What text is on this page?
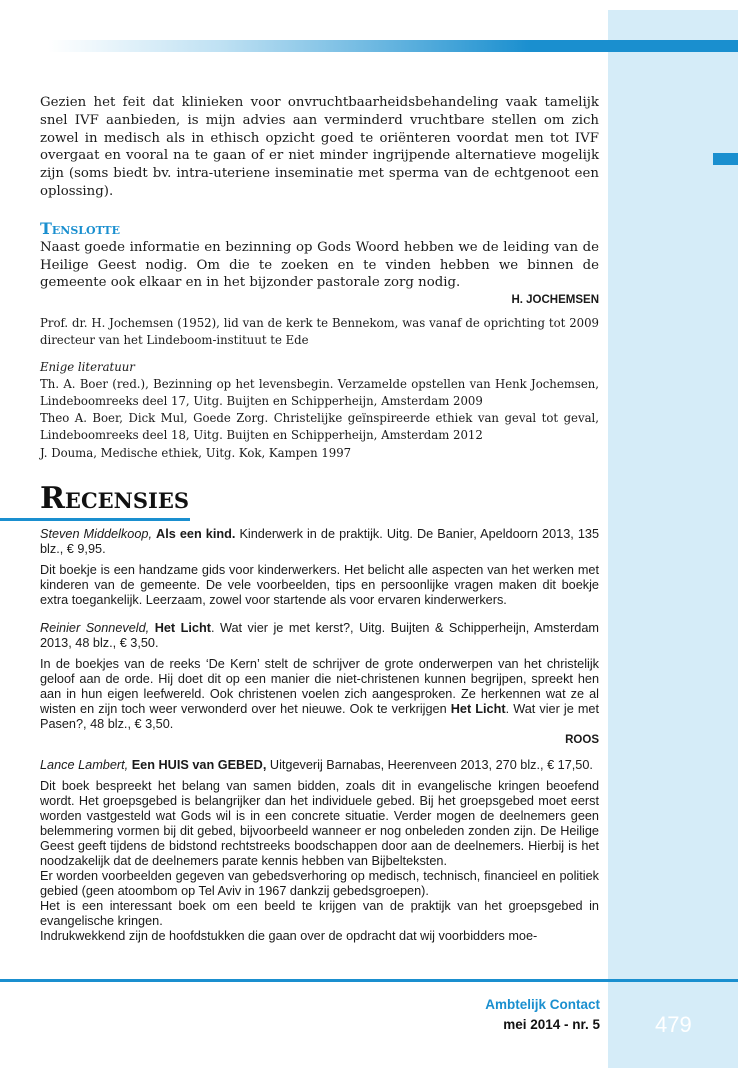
Gezien het feit dat klinieken voor onvruchtbaarheidsbehandeling vaak tamelijk snel IVF aanbieden, is mijn advies aan verminderd vruchtbare stellen om zich zowel in medisch als in ethisch opzicht goed te oriënteren voordat men tot IVF overgaat en vooral na te gaan of er niet minder ingrijpende alternatieve mogelijk zijn (soms biedt bv. intra-uteriene inseminatie met sperma van de echtgenoot een oplossing).

Tenslotte

Naast goede informatie en bezinning op Gods Woord hebben we de leiding van de Heilige Geest nodig. Om die te zoeken en te vinden hebben we binnen de gemeente ook elkaar en in het bijzonder pastorale zorg nodig.

H. JOCHEMSEN

Prof. dr. H. Jochemsen (1952), lid van de kerk te Bennekom, was vanaf de oprichting tot 2009 directeur van het Lindeboom-instituut te Ede

Enige literatuur

Th. A. Boer (red.), Bezinning op het levensbegin. Verzamelde opstellen van Henk Jochemsen, Lindeboomreeks deel 17, Uitg. Buijten en Schipperheijn, Amsterdam 2009

Theo A. Boer, Dick Mul, Goede Zorg. Christelijke geïnspireerde ethiek van geval tot geval, Lindeboomreeks deel 18, Uitg. Buijten en Schipperheijn, Amsterdam 2012

J. Douma, Medische ethiek, Uitg. Kok, Kampen 1997

Recensies

Steven Middelkoop, Als een kind. Kinderwerk in de praktijk. Uitg. De Banier, Apeldoorn 2013, 135 blz., € 9,95.

Dit boekje is een handzame gids voor kinderwerkers. Het belicht alle aspecten van het werken met kinderen van de gemeente. De vele voorbeelden, tips en persoonlijke vragen maken dit boekje extra toegankelijk. Leerzaam, zowel voor startende als voor ervaren kinderwerkers.

Reinier Sonneveld, Het Licht. Wat vier je met kerst?, Uitg. Buijten & Schipperheijn, Amsterdam 2013, 48 blz., € 3,50.

In de boekjes van de reeks ‘De Kern’ stelt de schrijver de grote onderwerpen van het christelijk geloof aan de orde. Hij doet dit op een manier die niet-christenen kunnen begrijpen, spreekt hen aan in hun eigen leefwereld. Ook christenen voelen zich aangesproken. Ze herkennen wat ze al wisten en zijn toch weer verwonderd over het nieuwe. Ook te verkrijgen Het Licht. Wat vier je met Pasen?, 48 blz., € 3,50.

ROOS

Lance Lambert, Een HUIS van GEBED, Uitgeverij Barnabas, Heerenveen 2013, 270 blz., € 17,50.

Dit boek bespreekt het belang van samen bidden, zoals dit in evangelische kringen beoefend wordt. Het groepsgebed is belangrijker dan het individuele gebed. Bij het groepsgebed moet eerst worden vastgesteld wat Gods wil is in een concrete situatie. Verder mogen de deelnemers geen belemmering vormen bij dit gebed, bijvoorbeeld wanneer er nog onbeleden zonden zijn. De Heilige Geest geeft tijdens de bidstond rechtstreeks boodschappen door aan de deelnemers. Hierbij is het noodzakelijk dat de deelnemers parate kennis hebben van Bijbelteksten.

Er worden voorbeelden gegeven van gebedsverhoring op medisch, technisch, financieel en politiek gebied (geen atoombom op Tel Aviv in 1967 dankzij gebedsgroepen).

Het is een interessant boek om een beeld te krijgen van de praktijk van het groepsgebed in evangelische kringen.

Indrukwekkend zijn de hoofdstukken die gaan over de opdracht dat wij voorbidders moe-

Ambtelijk Contact
mei 2014 - nr. 5	479
